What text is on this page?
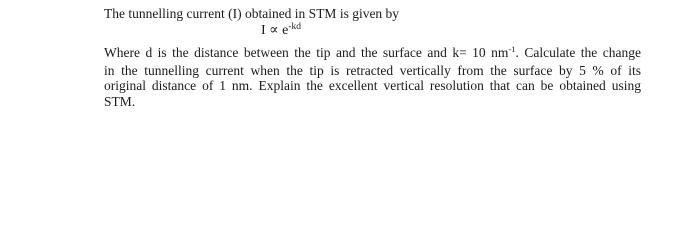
The tunnelling current (I) obtained in STM is given by
$I \propto e^{-kd}$
Where d is the distance between the tip and the surface and k= 10 $nm^{-1}$. Calculate the change
in the tunnelling current when the tip is retracted vertically from the surface by 5 % of its
original distance of 1 nm. Explain the excellent vertical resolution that can be obtained using
STM.
